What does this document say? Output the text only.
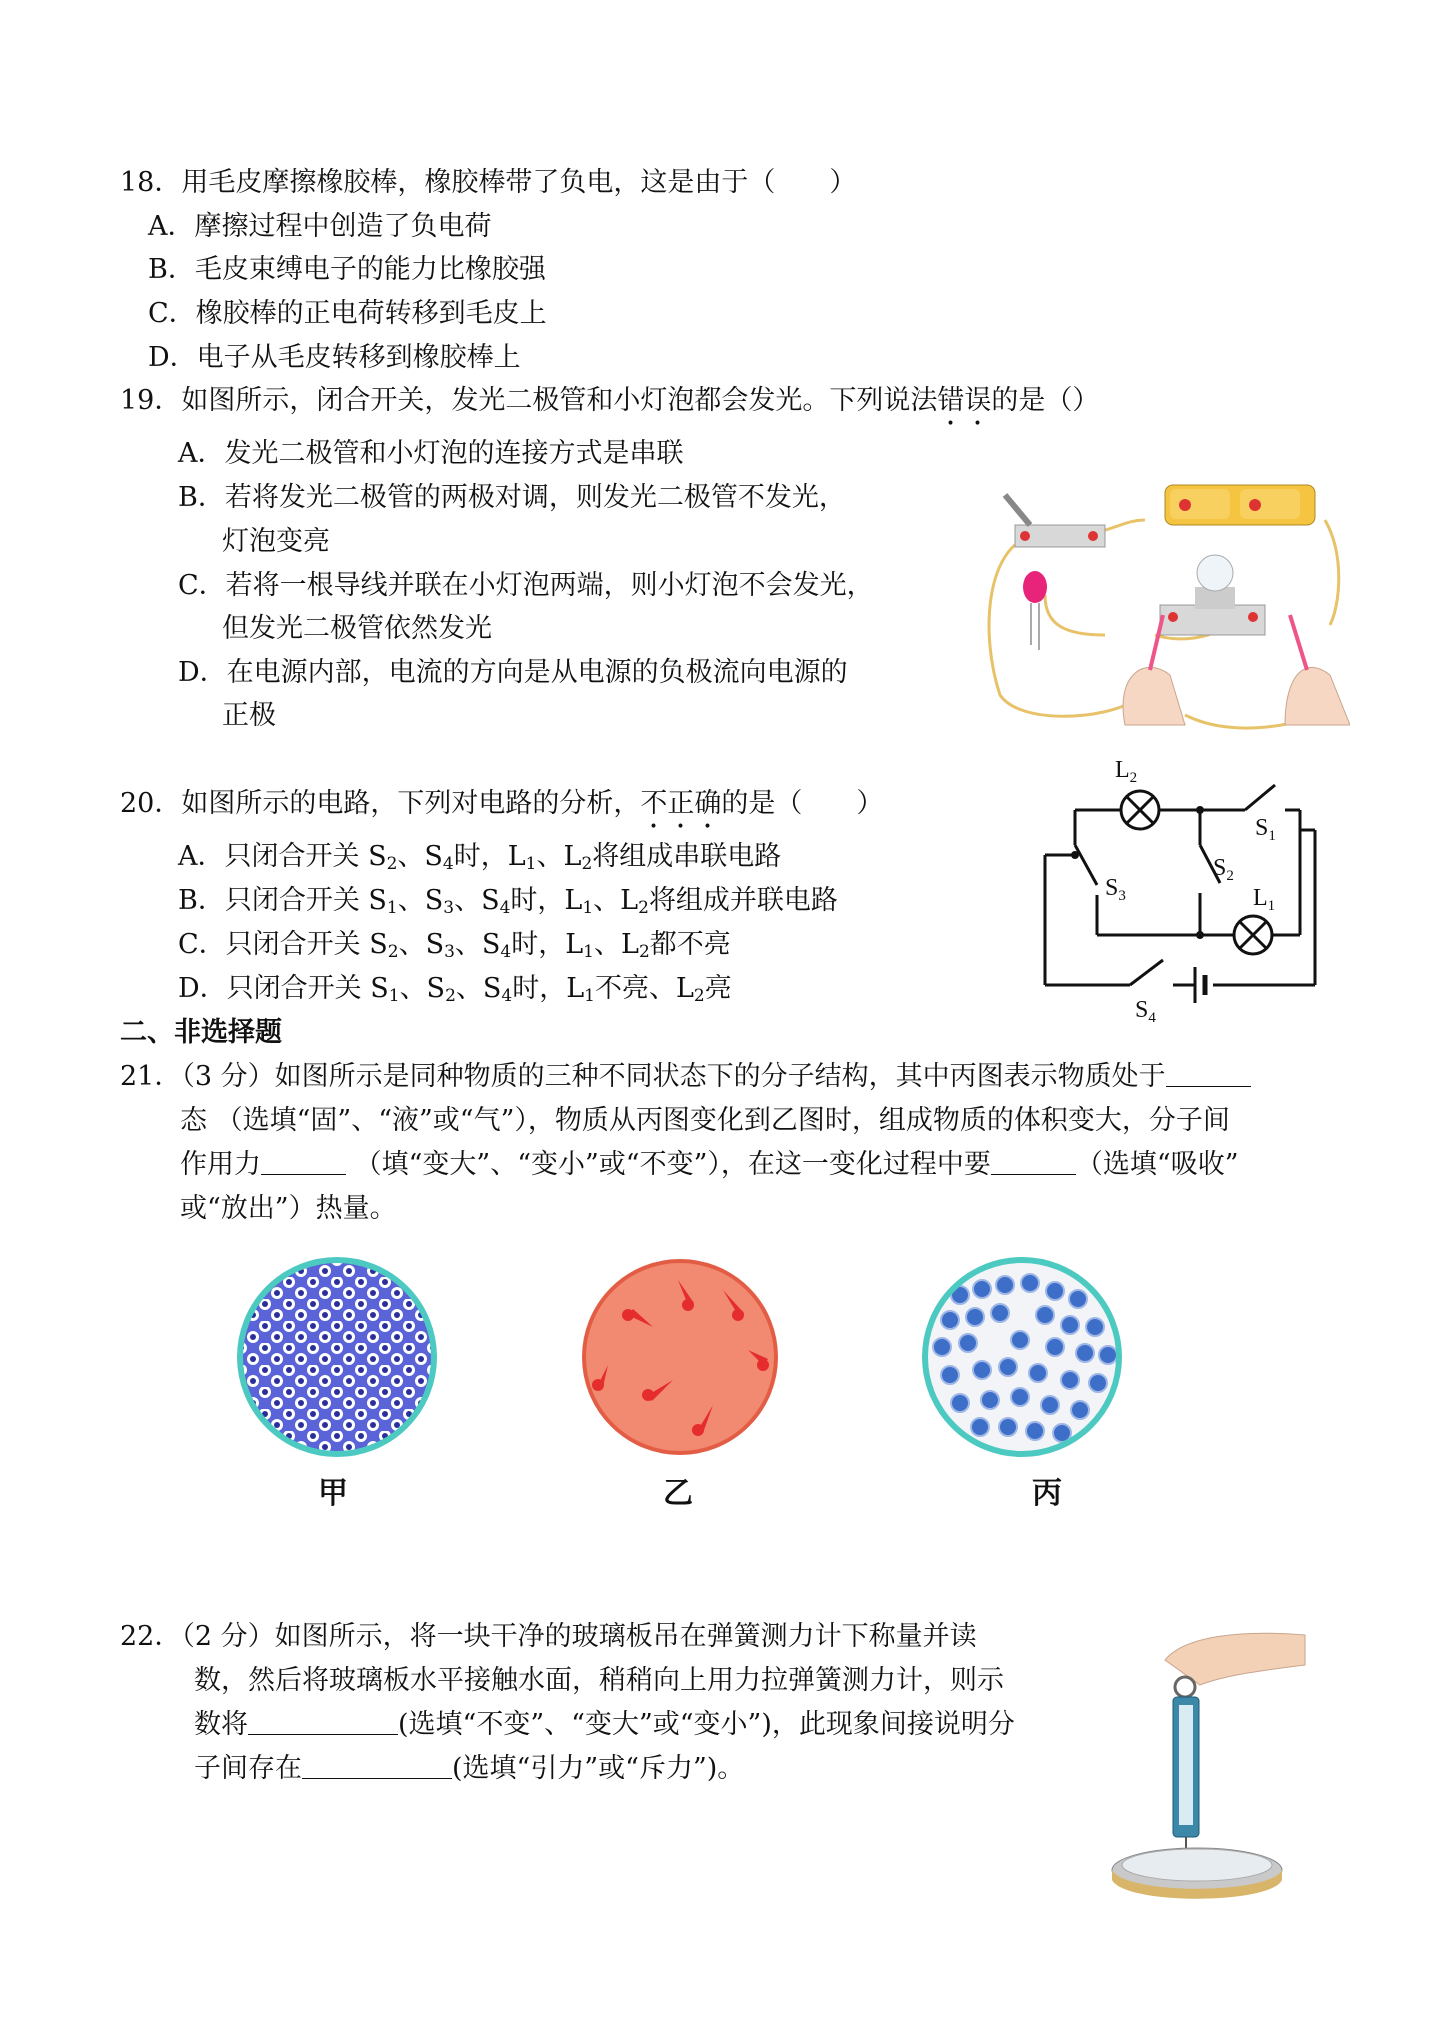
18．用毛皮摩擦橡胶棒，橡胶棒带了负电，这是由于（　　）
A．摩擦过程中创造了负电荷
B．毛皮束缚电子的能力比橡胶强
C．橡胶棒的正电荷转移到毛皮上
D．电子从毛皮转移到橡胶棒上
19．如图所示，闭合开关，发光二极管和小灯泡都会发光。下列说法错误的是（）
A．发光二极管和小灯泡的连接方式是串联
B．若将发光二极管的两极对调，则发光二极管不发光，
灯泡变亮
C．若将一根导线并联在小灯泡两端，则小灯泡不会发光，
但发光二极管依然发光
D．在电源内部，电流的方向是从电源的负极流向电源的
正极
20．如图所示的电路，下列对电路的分析，不正确的是（　　）
A．只闭合开关 $S_2$、$S_4$时，$L_1$、$L_2$将组成串联电路
B．只闭合开关 $S_1$、$S_3$、$S_4$时，$L_1$、$L_2$将组成并联电路
C．只闭合开关 $S_2$、$S_3$、$S_4$时，$L_1$、$L_2$都不亮
D．只闭合开关 $S_1$、$S_2$、$S_4$时，$L_1$不亮、$L_2$亮
$L_2$
$S_1$
$S_3$
$S_2$
$L_1$
$S_4$
二、非选择题
21．（3 分）如图所示是同种物质的三种不同状态下的分子结构，其中丙图表示物质处于
态 （选填“固”、“液”或“气”），物质从丙图变化到乙图时，组成物质的体积变大，分子间
作用力	（填“变大”、“变小”或“不变”），在这一变化过程中要	（选填“吸收”
或“放出”）热量。
甲	乙	丙
22．（2 分）如图所示，将一块干净的玻璃板吊在弹簧测力计下称量并读
数，然后将玻璃板水平接触水面，稍稍向上用力拉弹簧测力计，则示
数将	(选填“不变”、“变大”或“变小”)，此现象间接说明分
子间存在	(选填“引力”或“斥力”)。
